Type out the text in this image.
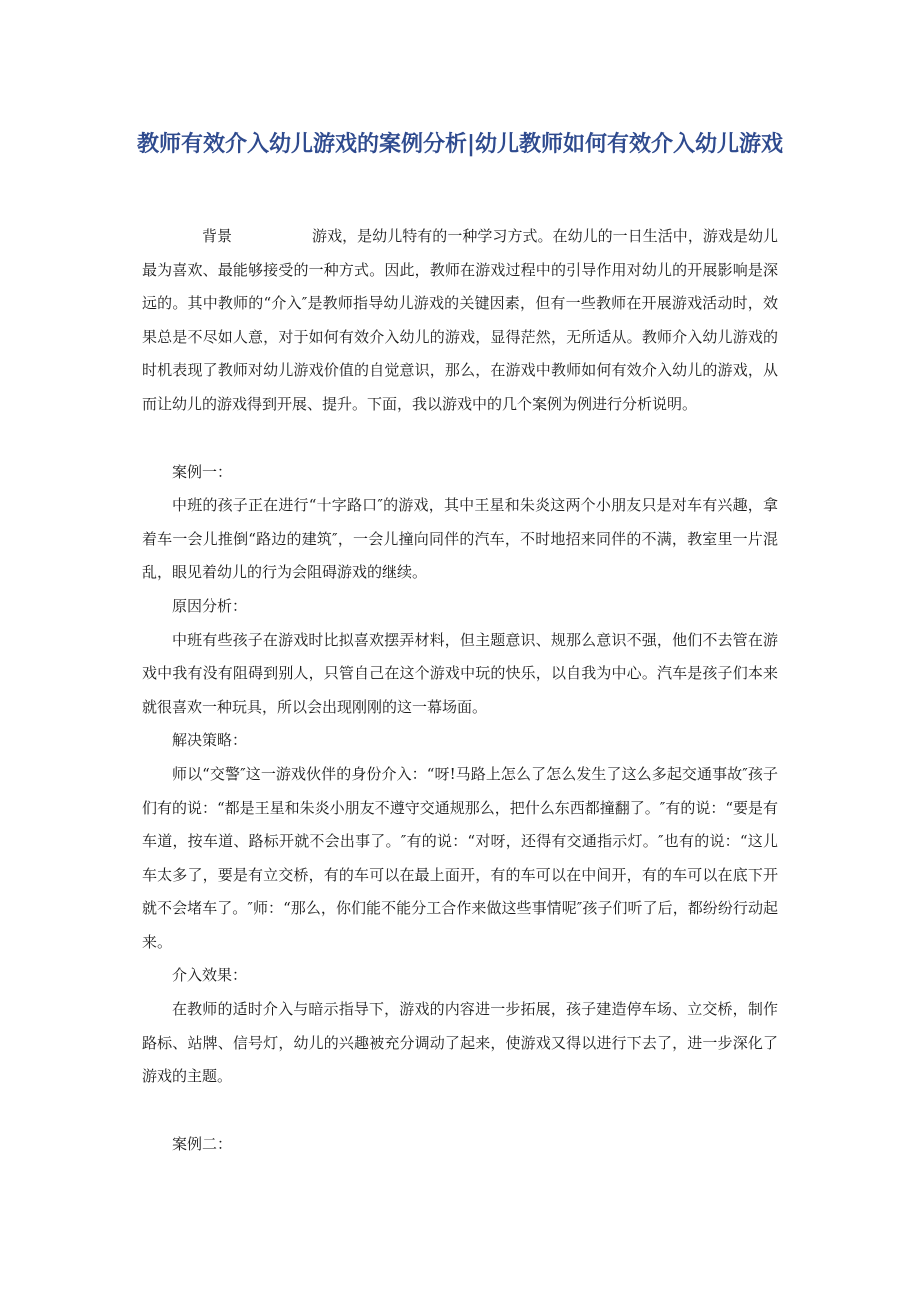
教师有效介入幼儿游戏的案例分析|幼儿教师如何有效介入幼儿游戏

背景	游戏，是幼儿特有的一种学习方式。在幼儿的一日生活中，游戏是幼儿最为喜欢、最能够接受的一种方式。因此，教师在游戏过程中的引导作用对幼儿的开展影响是深远的。其中教师的“介入″是教师指导幼儿游戏的关键因素，但有一些教师在开展游戏活动时，效果总是不尽如人意，对于如何有效介入幼儿的游戏，显得茫然，无所适从。教师介入幼儿游戏的时机表现了教师对幼儿游戏价值的自觉意识，那么，在游戏中教师如何有效介入幼儿的游戏，从而让幼儿的游戏得到开展、提升。下面，我以游戏中的几个案例为例进行分析说明。

案例一：

中班的孩子正在进行“十字路口″的游戏，其中王星和朱炎这两个小朋友只是对车有兴趣，拿着车一会儿推倒“路边的建筑″，一会儿撞向同伴的汽车，不时地招来同伴的不满，教室里一片混乱，眼见着幼儿的行为会阻碍游戏的继续。

原因分析：

中班有些孩子在游戏时比拟喜欢摆弄材料，但主题意识、规那么意识不强，他们不去管在游戏中我有没有阻碍到别人，只管自己在这个游戏中玩的快乐，以自我为中心。汽车是孩子们本来就很喜欢一种玩具，所以会出现刚刚的这一幕场面。

解决策略：

师以“交警″这一游戏伙伴的身份介入：“呀!马路上怎么了怎么发生了这么多起交通事故″孩子们有的说：“都是王星和朱炎小朋友不遵守交通规那么，把什么东西都撞翻了。″有的说：“要是有车道，按车道、路标开就不会出事了。″有的说：“对呀，还得有交通指示灯。″也有的说：“这儿车太多了，要是有立交桥，有的车可以在最上面开，有的车可以在中间开，有的车可以在底下开就不会堵车了。″师：“那么，你们能不能分工合作来做这些事情呢″孩子们听了后，都纷纷行动起来。

介入效果：

在教师的适时介入与暗示指导下，游戏的内容进一步拓展，孩子建造停车场、立交桥，制作路标、站牌、信号灯，幼儿的兴趣被充分调动了起来，使游戏又得以进行下去了，进一步深化了游戏的主题。

案例二：
